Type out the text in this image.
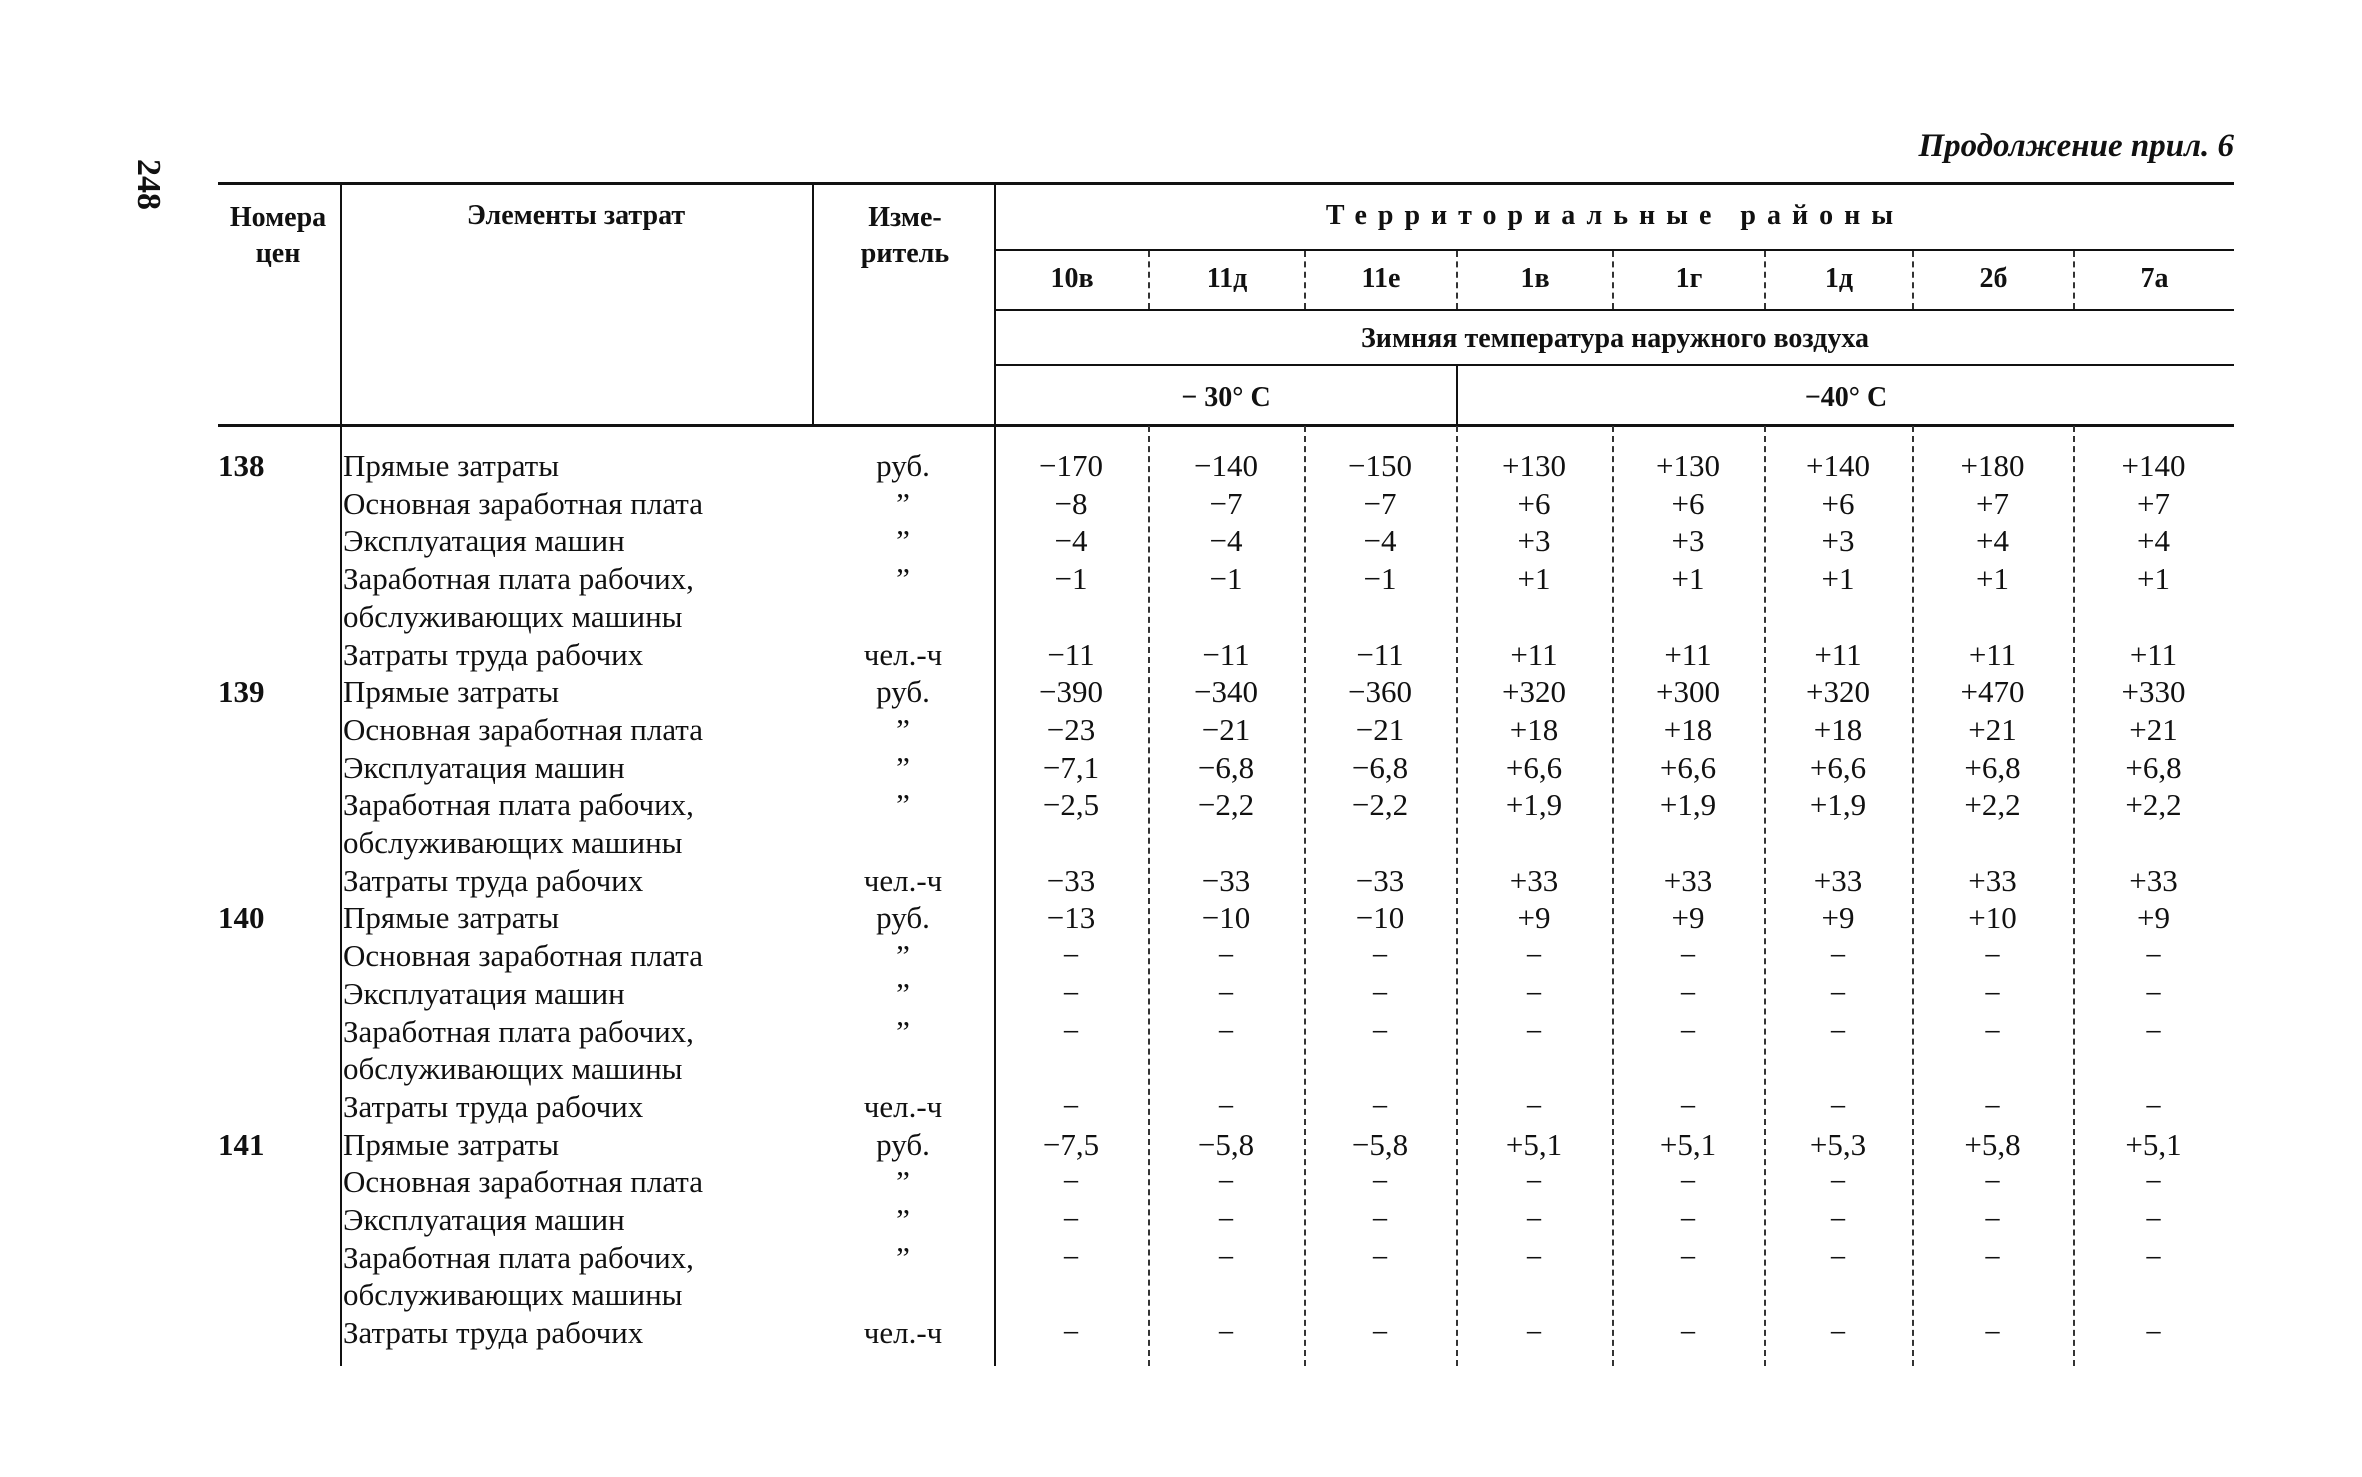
248
Продолжение прил. 6
Номера цен
Элементы затрат	Изме- ритель
Территориальные районы
10в	11д	11е	1в	1г	1д	2б	7а
Зимняя температура наружного воздуха
− 30° С	−40° С
138	Прямые затраты	руб.	−170	−140	−150	+130	+130	+140	+180	+140
Основная заработная плата	”	−8	−7	−7	+6	+6	+6	+7	+7
Эксплуатация машин	”	−4	−4	−4	+3	+3	+3	+4	+4
Заработная плата рабочих,	”	−1	−1	−1	+1	+1	+1	+1	+1
обслуживающих машины
Затраты труда рабочих	чел.-ч	−11	−11	−11	+11	+11	+11	+11	+11
139	Прямые затраты	руб.	−390	−340	−360	+320	+300	+320	+470	+330
Основная заработная плата	”	−23	−21	−21	+18	+18	+18	+21	+21
Эксплуатация машин	”	−7,1	−6,8	−6,8	+6,6	+6,6	+6,6	+6,8	+6,8
Заработная плата рабочих,	”	−2,5	−2,2	−2,2	+1,9	+1,9	+1,9	+2,2	+2,2
обслуживающих машины
Затраты труда рабочих	чел.-ч	−33	−33	−33	+33	+33	+33	+33	+33
140	Прямые затраты	руб.	−13	−10	−10	+9	+9	+9	+10	+9
Основная заработная плата	”	−	−	−	−	−	−	−	−
Эксплуатация машин	”	−	−	−	−	−	−	−	−
Заработная плата рабочих,	”	−	−	−	−	−	−	−	−
обслуживающих машины
Затраты труда рабочих	чел.-ч	−	−	−	−	−	−	−	−
141	Прямые затраты	руб.	−7,5	−5,8	−5,8	+5,1	+5,1	+5,3	+5,8	+5,1
Основная заработная плата	”	−	−	−	−	−	−	−	−
Эксплуатация машин	”	−	−	−	−	−	−	−	−
Заработная плата рабочих,	”	−	−	−	−	−	−	−	−
обслуживающих машины
Затраты труда рабочих	чел.-ч	−	−	−	−	−	−	−	−
